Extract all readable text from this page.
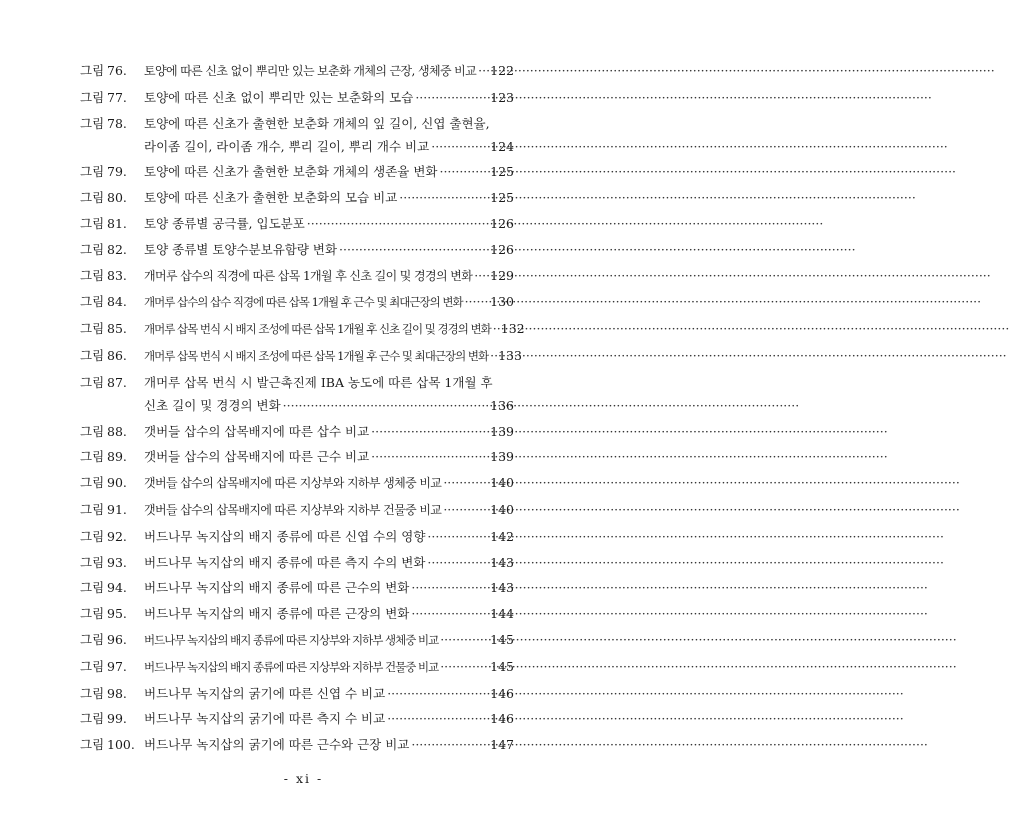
그림 76.	토양에 따른 신초 없이 뿌리만 있는 보춘화 개체의 근장, 생체중 비교 ····· 122
그림 77.	토양에 따른 신초 없이 뿌리만 있는 보춘화의 모습 ·····	123
그림 78.	토양에 따른 신초가 출현한 보춘화 개체의 잎 길이, 신엽 출현율,
라이좀 길이, 라이좀 개수, 뿌리 길이, 뿌리 개수 비교 ·····	124
그림 79.	토양에 따른 신초가 출현한 보춘화 개체의 생존율 변화 ·····	125
그림 80.	토양에 따른 신초가 출현한 보춘화의 모습 비교 ·····	125
그림 81.	토양 종류별 공극률, 입도분포 ·····	126
그림 82.	토양 종류별 토양수분보유함량 변화 ·····	126
그림 83.	개머루 삽수의 직경에 따른 삽목 1개월 후 신초 길이 및 경경의 변화 ····· 129
그림 84.	개머루 삽수의 삽수 직경에 따른 삽목 1개월 후 근수 및 최대근장의 변화 ····· 130
그림 85.	개머루 삽목 번식 시 배지 조성에 따른 삽목 1개월 후 신초 길이 및 경경의 변화 ····· 132
그림 86.	개머루 삽목 번식 시 배지 조성에 따른 삽목 1개월 후 근수 및 최대근장의 변화 ····· 133
그림 87.	개머루 삽목 번식 시 발근촉진제 IBA 농도에 따른 삽목 1개월 후
신초 길이 및 경경의 변화 ·····	136
그림 88.	갯버들 삽수의 삽목배지에 따른 삽수 비교 ·····	139
그림 89.	갯버들 삽수의 삽목배지에 따른 근수 비교 ·····	139
그림 90.	갯버들 삽수의 삽목배지에 따른 지상부와 지하부 생체중 비교 ·····	140
그림 91.	갯버들 삽수의 삽목배지에 따른 지상부와 지하부 건물중 비교 ·····	140
그림 92.	버드나무 녹지삽의 배지 종류에 따른 신엽 수의 영향 ·····	142
그림 93.	버드나무 녹지삽의 배지 종류에 따른 측지 수의 변화 ·····	143
그림 94.	버드나무 녹지삽의 배지 종류에 따른 근수의 변화 ·····	143
그림 95.	버드나무 녹지삽의 배지 종류에 따른 근장의 변화 ·····	144
그림 96.	버드나무 녹지삽의 배지 종류에 따른 지상부와 지하부 생체중 비교 ·····	145
그림 97.	버드나무 녹지삽의 배지 종류에 따른 지상부와 지하부 건물중 비교 ·····	145
그림 98.	버드나무 녹지삽의 굵기에 따른 신엽 수 비교 ·····	146
그림 99.	버드나무 녹지삽의 굵기에 따른 측지 수 비교 ·····	146
그림 100. 버드나무 녹지삽의 굵기에 따른 근수와 근장 비교 ·····	147
- xi -
